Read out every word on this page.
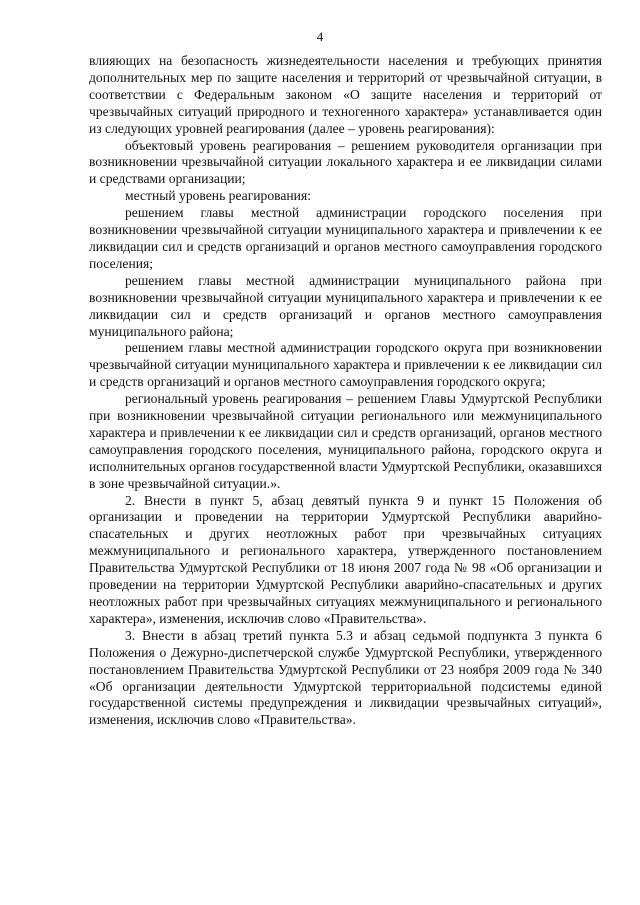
4

влияющих на безопасность жизнедеятельности населения и требующих принятия дополнительных мер по защите населения и территорий от чрезвычайной ситуации, в соответствии с Федеральным законом «О защите населения и территорий от чрезвычайных ситуаций природного и техногенного характера» устанавливается один из следующих уровней реагирования (далее – уровень реагирования):

объектовый уровень реагирования – решением руководителя организации при возникновении чрезвычайной ситуации локального характера и ее ликвидации силами и средствами организации;

местный уровень реагирования:

решением главы местной администрации городского поселения при возникновении чрезвычайной ситуации муниципального характера и привлечении к ее ликвидации сил и средств организаций и органов местного самоуправления городского поселения;

решением главы местной администрации муниципального района при возникновении чрезвычайной ситуации муниципального характера и привлечении к ее ликвидации сил и средств организаций и органов местного самоуправления муниципального района;

решением главы местной администрации городского округа при возникновении чрезвычайной ситуации муниципального характера и привлечении к ее ликвидации сил и средств организаций и органов местного самоуправления городского округа;

региональный уровень реагирования – решением Главы Удмуртской Республики при возникновении чрезвычайной ситуации регионального или межмуниципального характера и привлечении к ее ликвидации сил и средств организаций, органов местного самоуправления городского поселения, муниципального района, городского округа и исполнительных органов государственной власти Удмуртской Республики, оказавшихся в зоне чрезвычайной ситуации.».

2. Внести в пункт 5, абзац девятый пункта 9 и пункт 15 Положения об организации и проведении на территории Удмуртской Республики аварийно-спасательных и других неотложных работ при чрезвычайных ситуациях межмуниципального и регионального характера, утвержденного постановлением Правительства Удмуртской Республики от 18 июня 2007 года № 98 «Об организации и проведении на территории Удмуртской Республики аварийно-спасательных и других неотложных работ при чрезвычайных ситуациях межмуниципального и регионального характера», изменения, исключив слово «Правительства».

3. Внести в абзац третий пункта 5.3 и абзац седьмой подпункта 3 пункта 6 Положения о Дежурно-диспетчерской службе Удмуртской Республики, утвержденного постановлением Правительства Удмуртской Республики от 23 ноября 2009 года № 340 «Об организации деятельности Удмуртской территориальной подсистемы единой государственной системы предупреждения и ликвидации чрезвычайных ситуаций», изменения, исключив слово «Правительства».
